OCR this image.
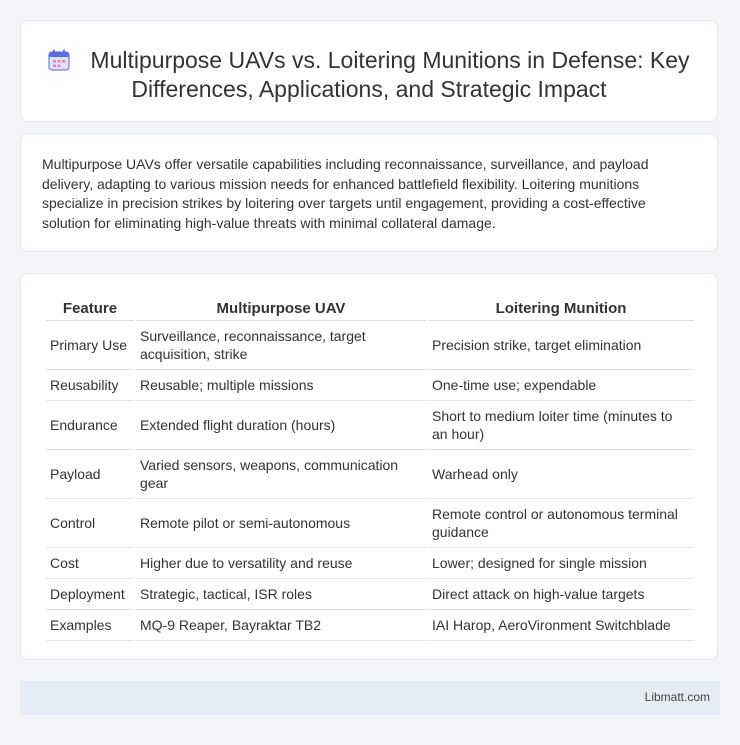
Multipurpose UAVs vs. Loitering Munitions in Defense: Key Differences, Applications, and Strategic Impact

Multipurpose UAVs offer versatile capabilities including reconnaissance, surveillance, and payload delivery, adapting to various mission needs for enhanced battlefield flexibility. Loitering munitions specialize in precision strikes by loitering over targets until engagement, providing a cost-effective solution for eliminating high-value threats with minimal collateral damage.

Feature	Multipurpose UAV	Loitering Munition
Primary Use	Surveillance, reconnaissance, target acquisition, strike	Precision strike, target elimination
Reusability	Reusable; multiple missions	One-time use; expendable
Endurance	Extended flight duration (hours)	Short to medium loiter time (minutes to an hour)
Payload	Varied sensors, weapons, communication gear	Warhead only
Control	Remote pilot or semi-autonomous	Remote control or autonomous terminal guidance
Cost	Higher due to versatility and reuse	Lower; designed for single mission
Deployment	Strategic, tactical, ISR roles	Direct attack on high-value targets
Examples	MQ-9 Reaper, Bayraktar TB2	IAI Harop, AeroVironment Switchblade
Libmatt.com
